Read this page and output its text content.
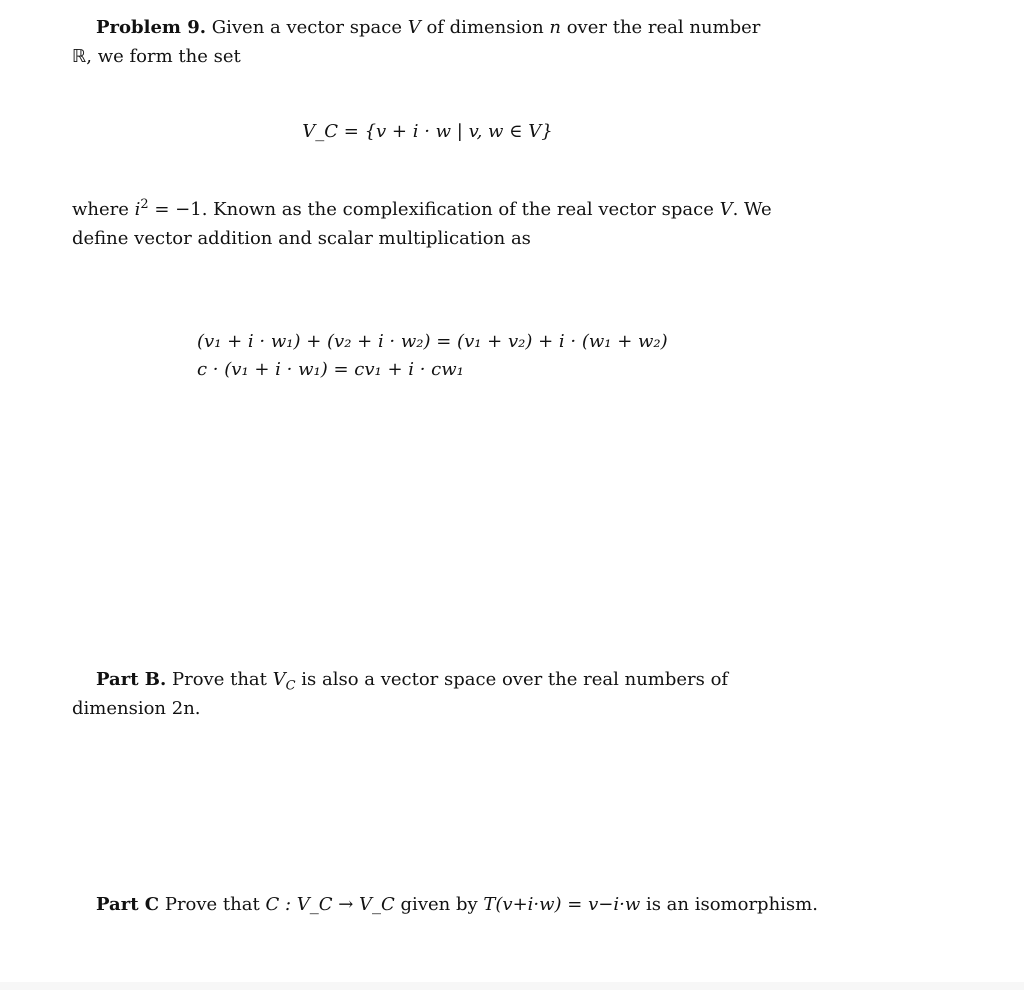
Problem 9. Given a vector space V of dimension n over the real number ℝ, we form the set
V_C = {v + i · w | v, w ∈ V}
where $i^2 = -1$. Known as the complexification of the real vector space V. We define vector addition and scalar multiplication as
(v₁ + i · w₁) + (v₂ + i · w₂) = (v₁ + v₂) + i · (w₁ + w₂)
c · (v₁ + i · w₁) = cv₁ + i · cw₁
Part B. Prove that $V_C$ is also a vector space over the real numbers of dimension 2n.
Part C Prove that C : V_C → V_C given by T(v+i·w) = v−i·w is an isomorphism.
